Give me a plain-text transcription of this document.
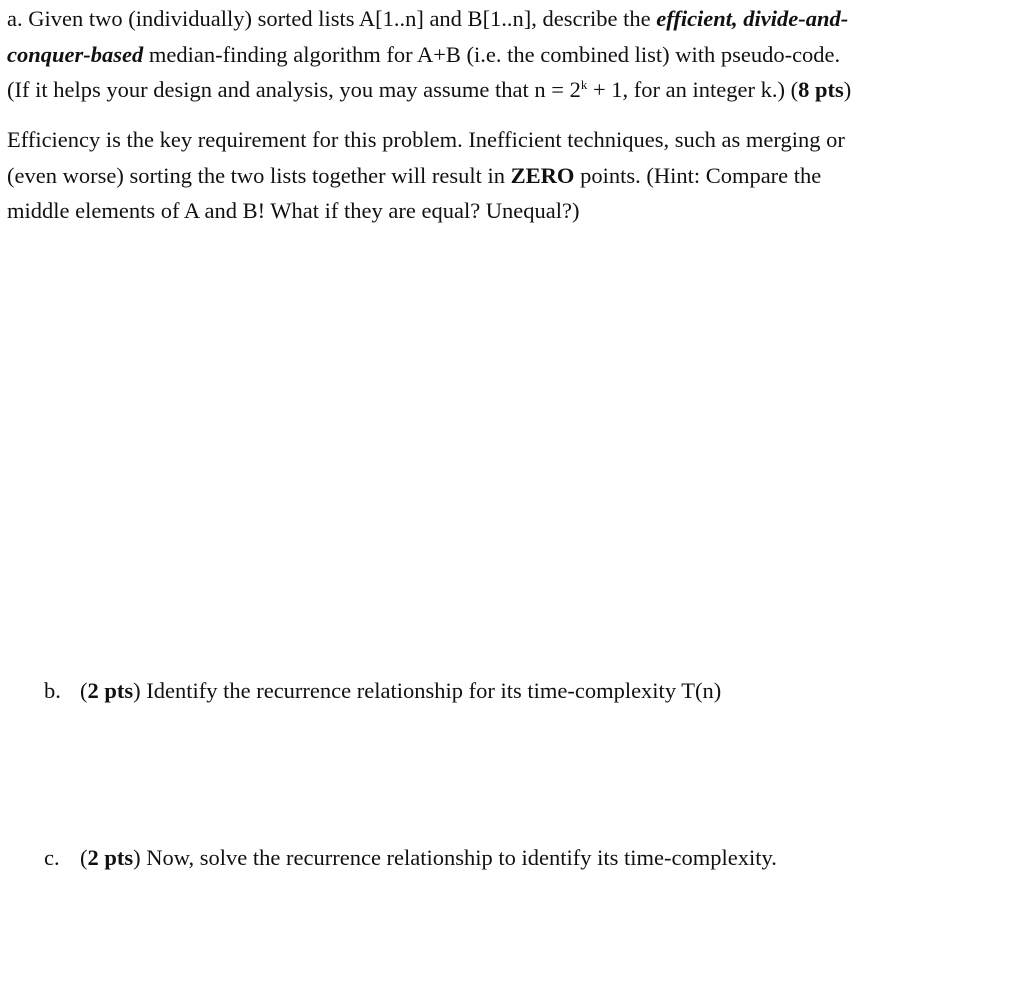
a. Given two (individually) sorted lists A[1..n] and B[1..n], describe the efficient, divide-and-
conquer-based median-finding algorithm for A+B (i.e. the combined list) with pseudo-code.
(If it helps your design and analysis, you may assume that $n = 2^k + 1$, for an integer k.) (8 pts)
Efficiency is the key requirement for this problem. Inefficient techniques, such as merging or
(even worse) sorting the two lists together will result in ZERO points. (Hint: Compare the
middle elements of A and B! What if they are equal? Unequal?)
b. (2 pts) Identify the recurrence relationship for its time-complexity T(n)
c. (2 pts) Now, solve the recurrence relationship to identify its time-complexity.
